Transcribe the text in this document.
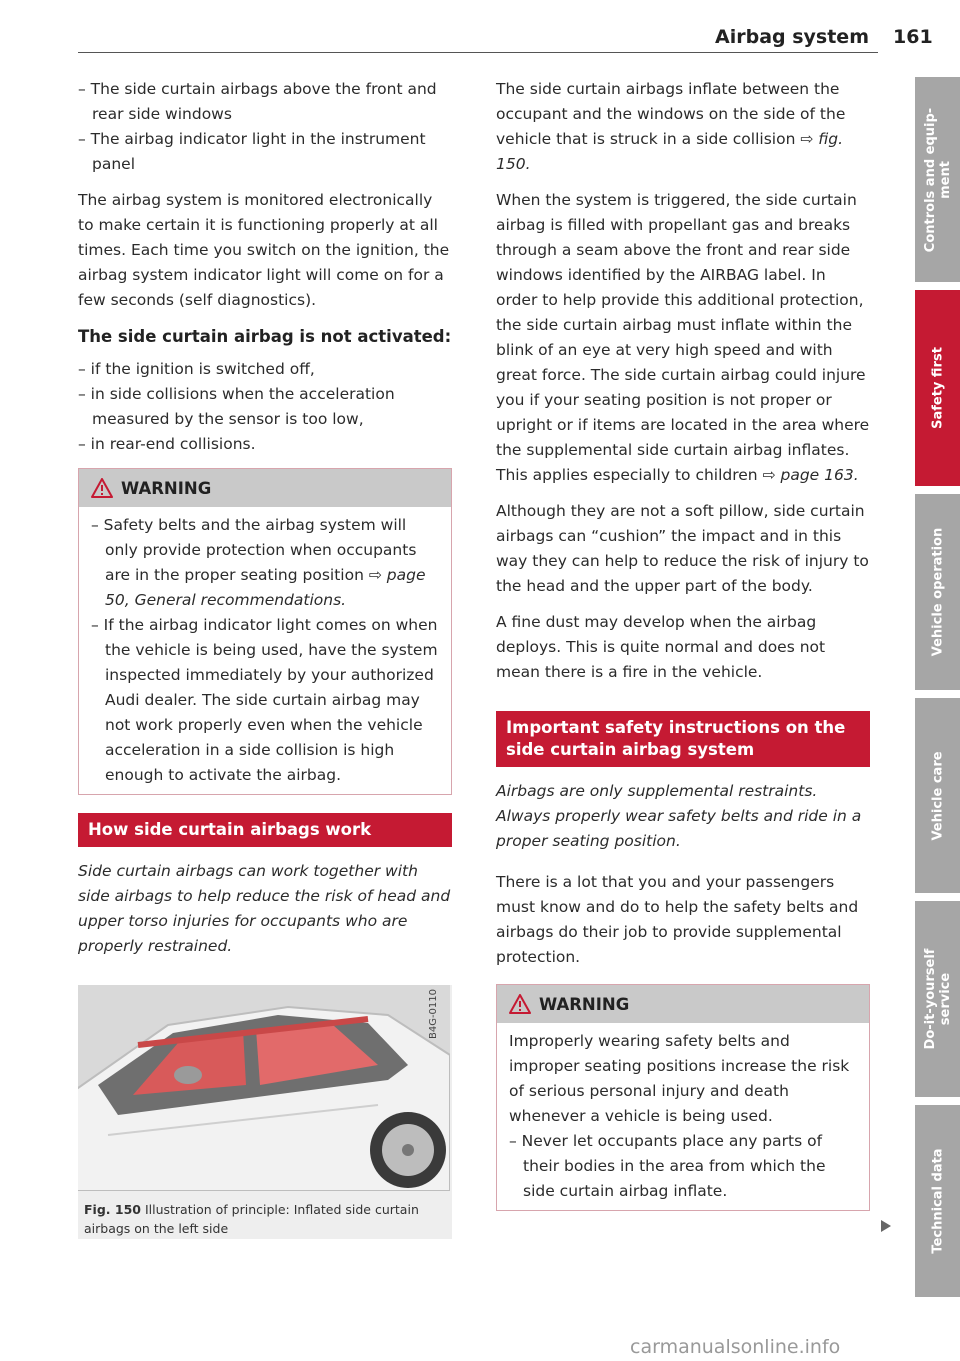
Airbag system 161

– The side curtain airbags above the front and rear side windows

– The airbag indicator light in the instrument panel

The airbag system is monitored electronically to make certain it is functioning properly at all times. Each time you switch on the ignition, the airbag system indicator light will come on for a few seconds (self diagnostics).

The side curtain airbag is not activated:

– if the ignition is switched off,

– in side collisions when the acceleration measured by the sensor is too low,

– in rear-end collisions.

WARNING

– Safety belts and the airbag system will only provide protection when occupants are in the proper seating position ⇨ page 50, General recommendations.

– If the airbag indicator light comes on when the vehicle is being used, have the system inspected immediately by your authorized Audi dealer. The side curtain airbag may not work properly even when the vehicle acceleration in a side collision is high enough to activate the airbag.

How side curtain airbags work

Side curtain airbags can work together with side airbags to help reduce the risk of head and upper torso injuries for occupants who are properly restrained.

B4G-0110
Fig. 150 Illustration of principle: Inflated side curtain airbags on the left side

The side curtain airbags inflate between the occupant and the windows on the side of the vehicle that is struck in a side collision ⇨ fig. 150.

When the system is triggered, the side curtain airbag is filled with propellant gas and breaks through a seam above the front and rear side windows identified by the AIRBAG label. In order to help provide this additional protection, the side curtain airbag must inflate within the blink of an eye at very high speed and with great force. The side curtain airbag could injure you if your seating position is not proper or upright or if items are located in the area where the supplemental side curtain airbag inflates. This applies especially to children ⇨ page 163.

Although they are not a soft pillow, side curtain airbags can “cushion” the impact and in this way they can help to reduce the risk of injury to the head and the upper part of the body.

A fine dust may develop when the airbag deploys. This is quite normal and does not mean there is a fire in the vehicle.

Important safety instructions on the side curtain airbag system

Airbags are only supplemental restraints. Always properly wear safety belts and ride in a proper seating position.

There is a lot that you and your passengers must know and do to help the safety belts and airbags do their job to provide supplemental protection.

WARNING

Improperly wearing safety belts and improper seating positions increase the risk of serious personal injury and death whenever a vehicle is being used.

– Never let occupants place any parts of their bodies in the area from which the side curtain airbag inflate.

Controls and equip-
ment
Safety first
Vehicle operation
Vehicle care
Do-it-yourself
service
Technical data
carmanualsonline.info
